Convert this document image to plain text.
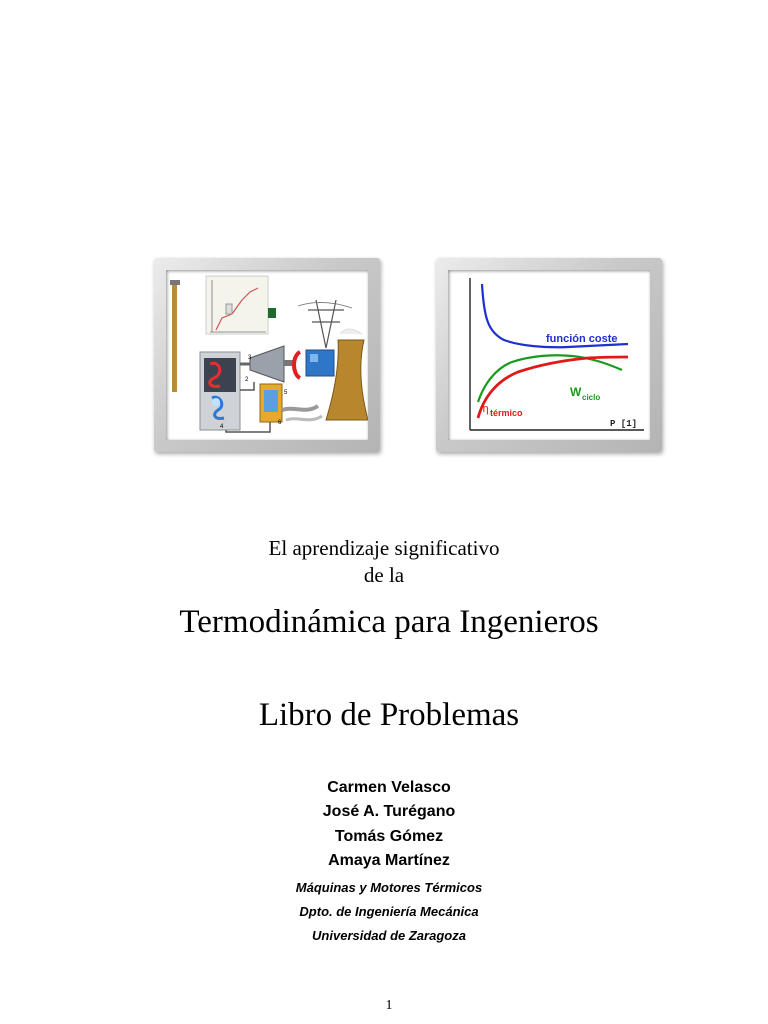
2
3
4
5
6
función coste
W ciclo
η térmico
P [1]
El aprendizaje significativo
de la
Termodinámica para Ingenieros
Libro de Problemas
Carmen Velasco
José A. Turégano
Tomás Gómez
Amaya Martínez
Máquinas y Motores Térmicos
Dpto. de Ingeniería Mecánica
Universidad de Zaragoza
1
